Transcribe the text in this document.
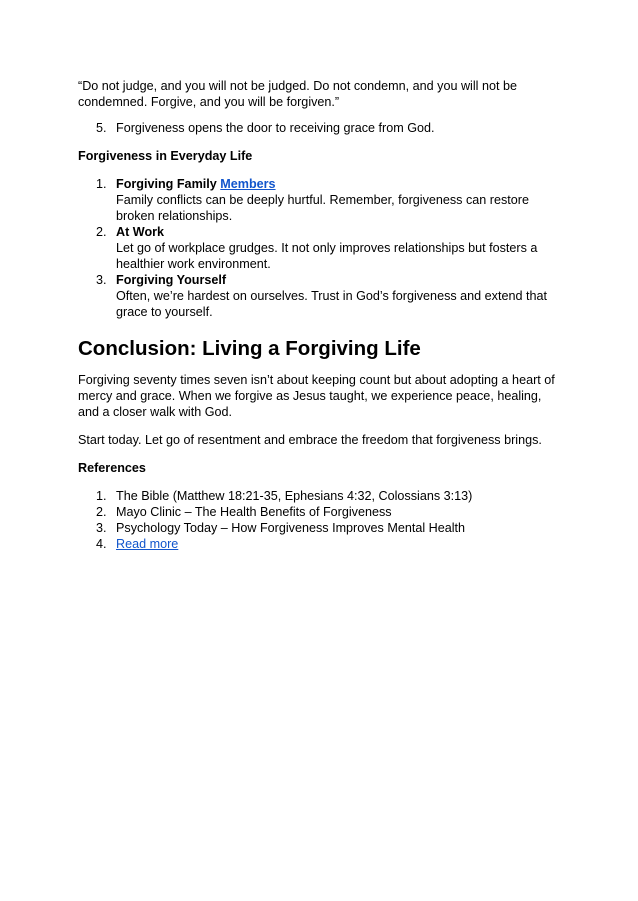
“Do not judge, and you will not be judged. Do not condemn, and you will not be condemned. Forgive, and you will be forgiven.”

5. Forgiveness opens the door to receiving grace from God.

Forgiveness in Everyday Life

1. Forgiving Family Members
Family conflicts can be deeply hurtful. Remember, forgiveness can restore broken relationships.
2. At Work
Let go of workplace grudges. It not only improves relationships but fosters a healthier work environment.
3. Forgiving Yourself
Often, we’re hardest on ourselves. Trust in God’s forgiveness and extend that grace to yourself.
Conclusion: Living a Forgiving Life

Forgiving seventy times seven isn’t about keeping count but about adopting a heart of mercy and grace. When we forgive as Jesus taught, we experience peace, healing, and a closer walk with God.

Start today. Let go of resentment and embrace the freedom that forgiveness brings.

References

1. The Bible (Matthew 18:21-35, Ephesians 4:32, Colossians 3:13)
2. Mayo Clinic – The Health Benefits of Forgiveness
3. Psychology Today – How Forgiveness Improves Mental Health
4. Read more
